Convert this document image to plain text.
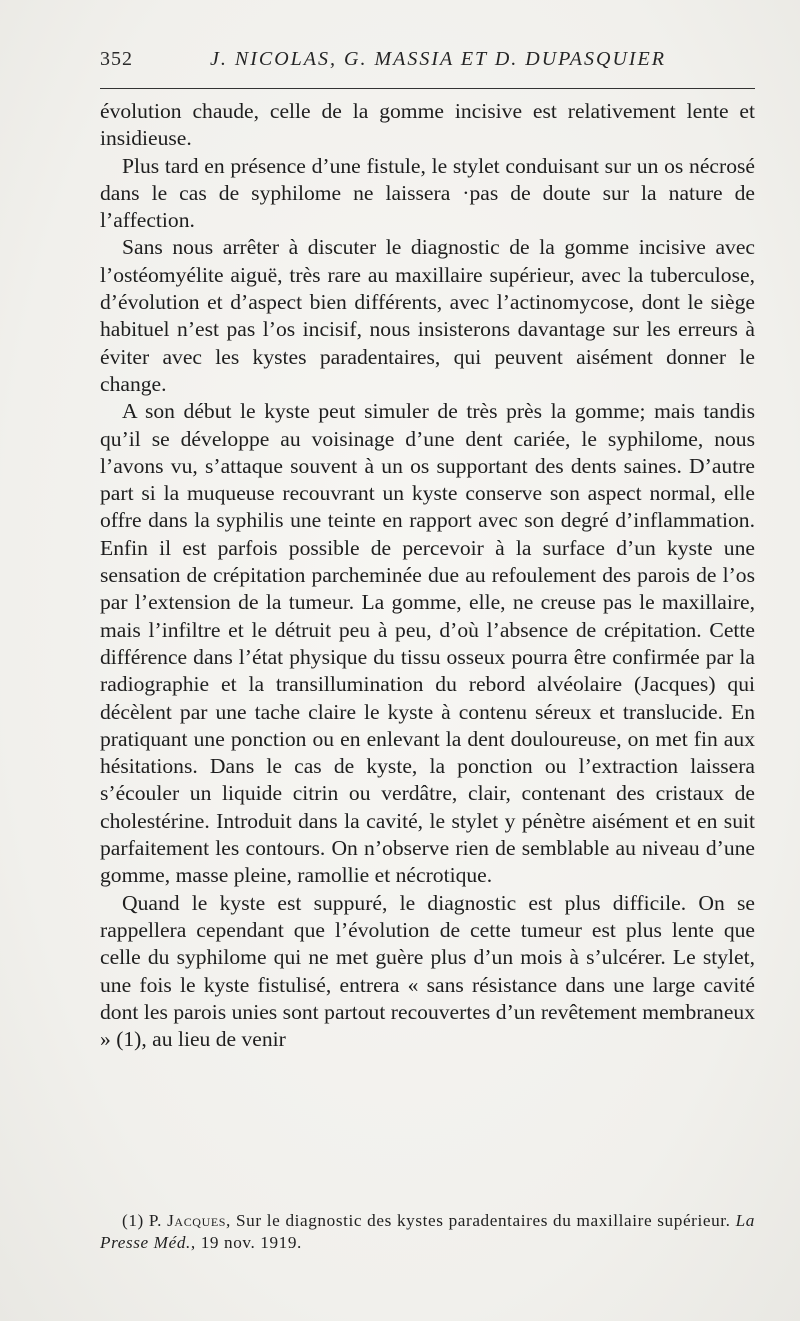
352	J. NICOLAS, G. MASSIA ET D. DUPASQUIER

évolution chaude, celle de la gomme incisive est relativement lente et insidieuse.

Plus tard en présence d’une fistule, le stylet conduisant sur un os nécrosé dans le cas de syphilome ne laissera ·pas de doute sur la nature de l’affection.

Sans nous arrêter à discuter le diagnostic de la gomme incisive avec l’ostéomyélite aiguë, très rare au maxillaire supérieur, avec la tuberculose, d’évolution et d’aspect bien différents, avec l’actinomycose, dont le siège habituel n’est pas l’os incisif, nous insisterons davantage sur les erreurs à éviter avec les kystes paradentaires, qui peuvent aisément donner le change.

A son début le kyste peut simuler de très près la gomme; mais tandis qu’il se développe au voisinage d’une dent cariée, le syphilome, nous l’avons vu, s’attaque souvent à un os supportant des dents saines. D’autre part si la muqueuse recouvrant un kyste conserve son aspect normal, elle offre dans la syphilis une teinte en rapport avec son degré d’inflammation. Enfin il est parfois possible de percevoir à la surface d’un kyste une sensation de crépitation parcheminée due au refoulement des parois de l’os par l’extension de la tumeur. La gomme, elle, ne creuse pas le maxillaire, mais l’infiltre et le détruit peu à peu, d’où l’absence de crépitation. Cette différence dans l’état physique du tissu osseux pourra être confirmée par la radiographie et la transillumination du rebord alvéolaire (Jacques) qui décèlent par une tache claire le kyste à contenu séreux et translucide. En pratiquant une ponction ou en enlevant la dent douloureuse, on met fin aux hésitations. Dans le cas de kyste, la ponction ou l’extraction laissera s’écouler un liquide citrin ou verdâtre, clair, contenant des cristaux de cholestérine. Introduit dans la cavité, le stylet y pénètre aisément et en suit parfaitement les contours. On n’observe rien de semblable au niveau d’une gomme, masse pleine, ramollie et nécrotique.

Quand le kyste est suppuré, le diagnostic est plus difficile. On se rappellera cependant que l’évolution de cette tumeur est plus lente que celle du syphilome qui ne met guère plus d’un mois à s’ulcérer. Le stylet, une fois le kyste fistulisé, entrera « sans résistance dans une large cavité dont les parois unies sont partout recouvertes d’un revêtement membraneux » (1), au lieu de venir

(1) P. Jacques, Sur le diagnostic des kystes paradentaires du maxillaire supérieur. La Presse Méd., 19 nov. 1919.
